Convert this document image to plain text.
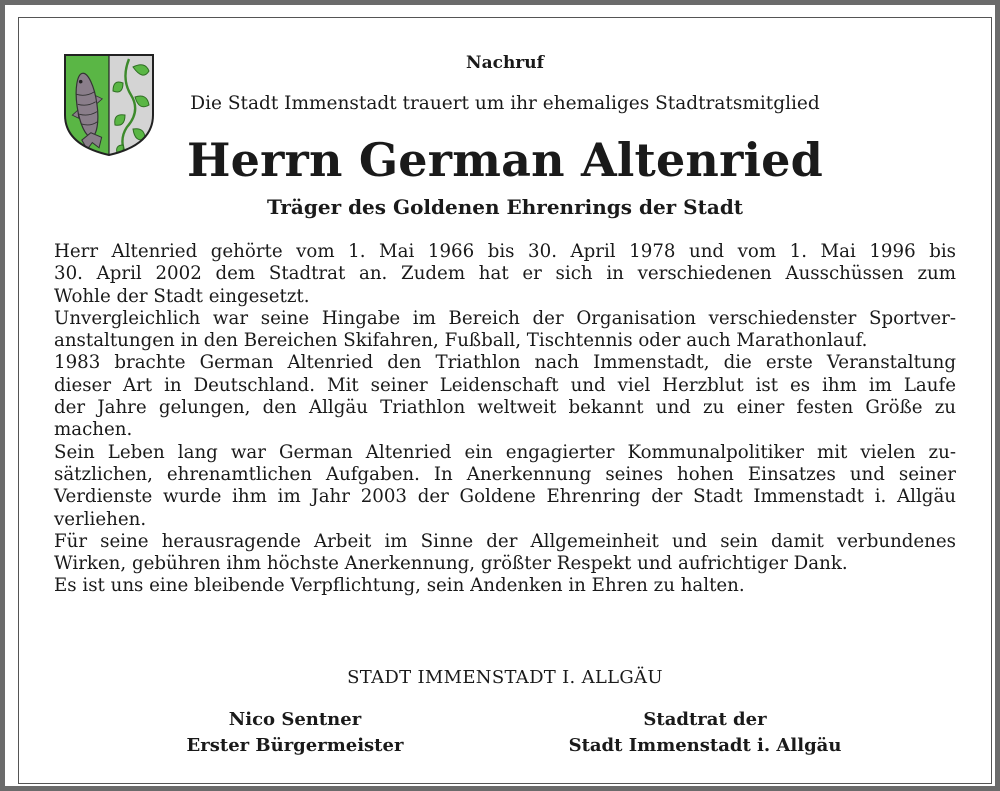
Nachruf
Die Stadt Immenstadt trauert um ihr ehemaliges Stadtratsmitglied
Herrn German Altenried
Träger des Goldenen Ehrenrings der Stadt
Herr Altenried gehörte vom 1. Mai 1966 bis 30. April 1978 und vom 1. Mai 1996 bis
30. April 2002 dem Stadtrat an. Zudem hat er sich in verschiedenen Ausschüssen zum
Wohle der Stadt eingesetzt.
Unvergleichlich war seine Hingabe im Bereich der Organisation verschiedenster Sportver-
anstaltungen in den Bereichen Skifahren, Fußball, Tischtennis oder auch Marathonlauf.
1983 brachte German Altenried den Triathlon nach Immenstadt, die erste Veranstaltung
dieser Art in Deutschland. Mit seiner Leidenschaft und viel Herzblut ist es ihm im Laufe
der Jahre gelungen, den Allgäu Triathlon weltweit bekannt und zu einer festen Größe zu
machen.
Sein Leben lang war German Altenried ein engagierter Kommunalpolitiker mit vielen zu-
sätzlichen, ehrenamtlichen Aufgaben. In Anerkennung seines hohen Einsatzes und seiner
Verdienste wurde ihm im Jahr 2003 der Goldene Ehrenring der Stadt Immenstadt i. Allgäu
verliehen.
Für seine herausragende Arbeit im Sinne der Allgemeinheit und sein damit verbundenes
Wirken, gebühren ihm höchste Anerkennung, größter Respekt und aufrichtiger Dank.
Es ist uns eine bleibende Verpflichtung, sein Andenken in Ehren zu halten.
STADT IMMENSTADT I. ALLGÄU
Nico Sentner
Erster Bürgermeister
Stadtrat der
Stadt Immenstadt i. Allgäu
